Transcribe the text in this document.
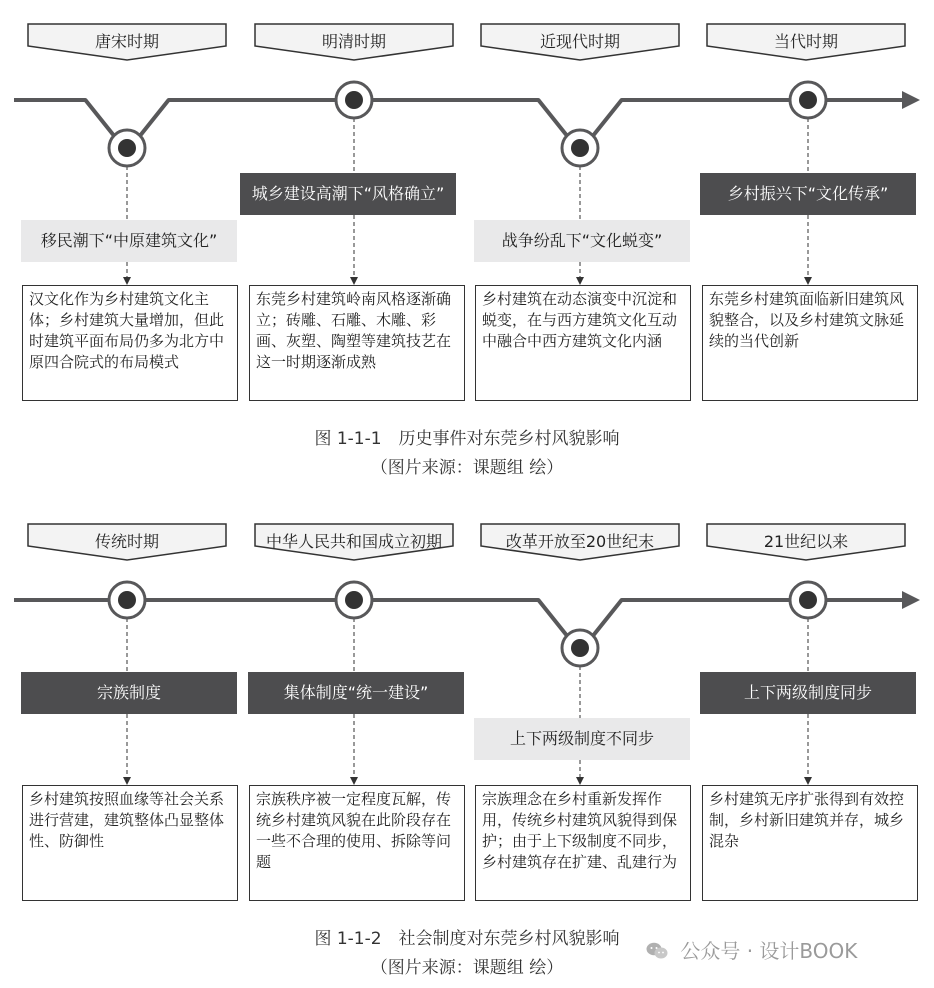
唐宋时期	明清时期	近现代时期	当代时期
移民潮下“中原建筑文化”
城乡建设高潮下“风格确立”
战争纷乱下“文化蜕变”
乡村振兴下“文化传承”
汉文化作为乡村建筑文化主体；乡村建筑大量增加，但此时建筑平面布局仍多为北方中原四合院式的布局模式
东莞乡村建筑岭南风格逐渐确立；砖雕、石雕、木雕、彩画、灰塑、陶塑等建筑技艺在这一时期逐渐成熟
乡村建筑在动态演变中沉淀和蜕变，在与西方建筑文化互动中融合中西方建筑文化内涵
东莞乡村建筑面临新旧建筑风貌整合，以及乡村建筑文脉延续的当代创新
图 1-1-1　历史事件对东莞乡村风貌影响
（图片来源：课题组 绘）
传统时期	中华人民共和国成立初期	改革开放至20世纪末	21世纪以来
宗族制度	集体制度“统一建设”
上下两级制度不同步
上下两级制度同步
乡村建筑按照血缘等社会关系进行营建，建筑整体凸显整体性、防御性
宗族秩序被一定程度瓦解，传统乡村建筑风貌在此阶段存在一些不合理的使用、拆除等问题
宗族理念在乡村重新发挥作用，传统乡村建筑风貌得到保护；由于上下级制度不同步，乡村建筑存在扩建、乱建行为
乡村建筑无序扩张得到有效控制，乡村新旧建筑并存，城乡混杂
图 1-1-2　社会制度对东莞乡村风貌影响
（图片来源：课题组 绘）
公众号 · 设计BOOK
